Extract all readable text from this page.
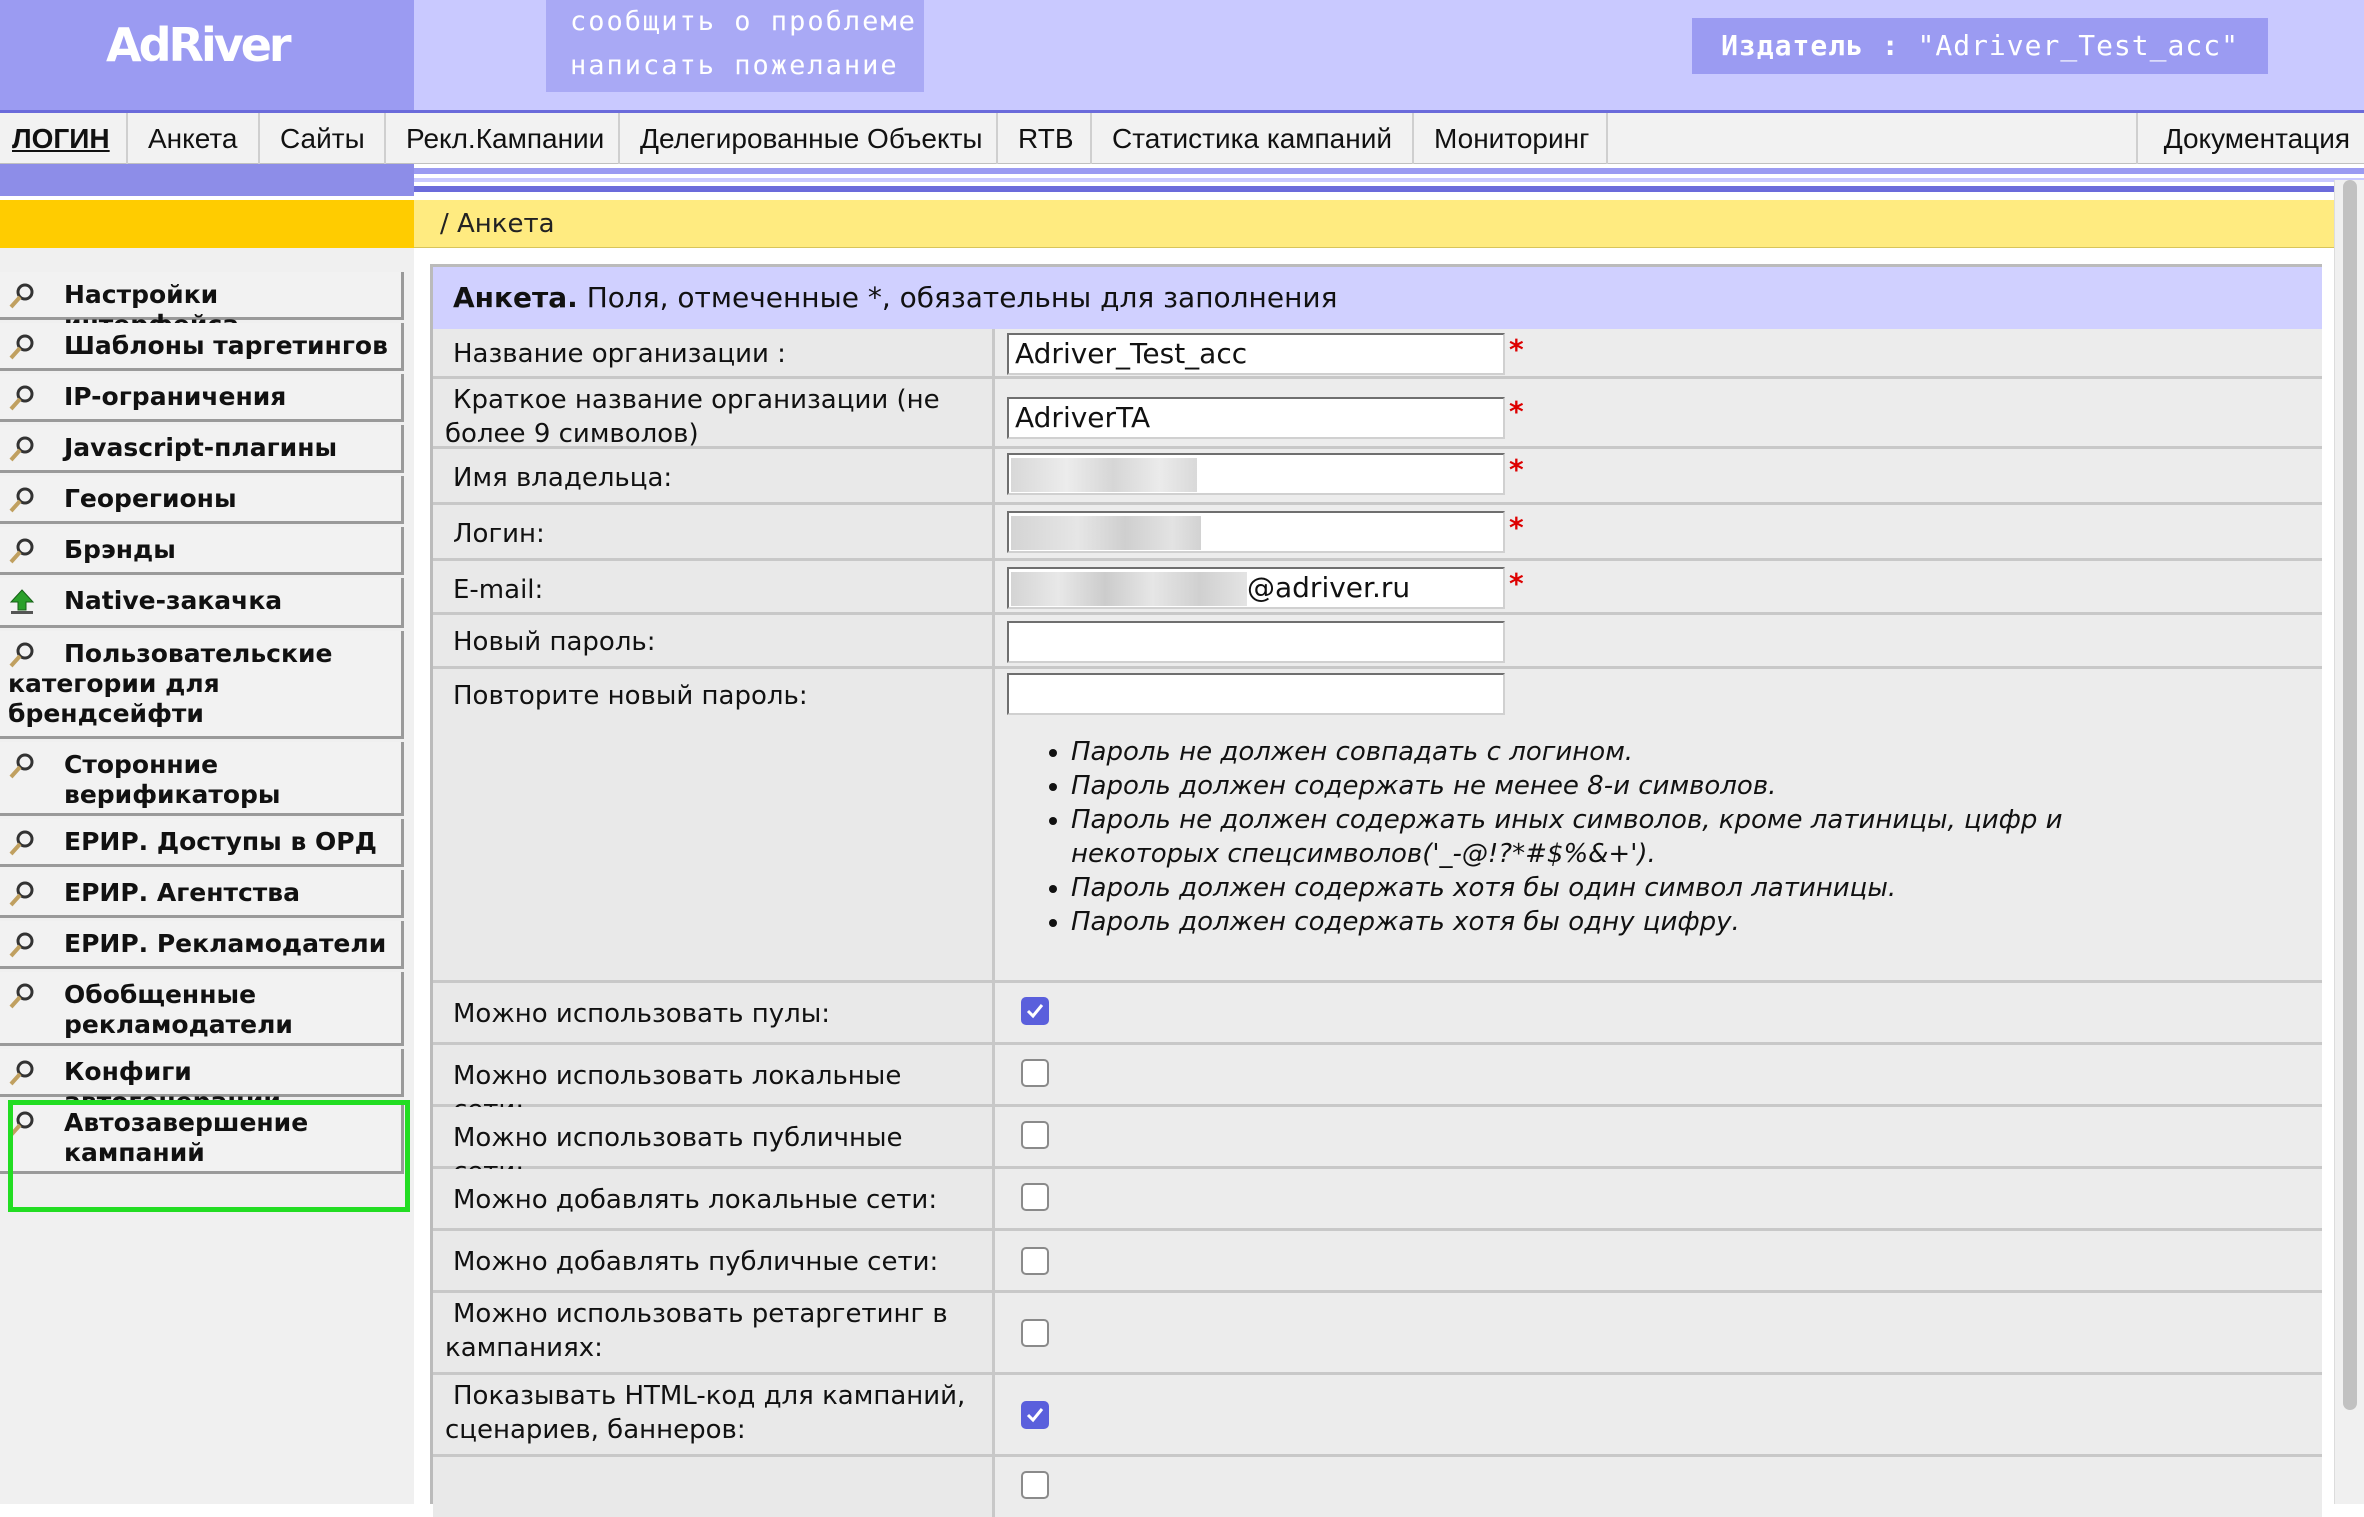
AdRiver	сообщить о проблеме
написать пожелание
Издатель : "Adriver_Test_acc"
ЛОГИН	Анкета	Сайты	Рекл.Кампании	Делегированные Объекты	RTB	Статистика кампаний	Мониторинг	Документация
/ Анкета
Настройки
Шаблоны таргетингов
IP-ограничения
Javascript-плагины
Георегионы
Брэнды
Native-закачка
Пользовательские категории для брендсейфти
Сторонние верификаторы
ЕРИР. Доступы в ОРД
ЕРИР. Агентства
ЕРИР. Рекламодатели
Обобщенные рекламодатели
Конфиги
Автозавершение кампаний
Анкета. Поля, отмеченные *, обязательны для заполнения
Название организации :	Adriver_Test_acc	*
Краткое название организации (не более 9 символов)	AdriverTA	*
Имя владельца:	*
Логин:	*
E-mail:	@adriver.ru	*
Новый пароль:
Повторите новый пароль:
• Пароль не должен совпадать с логином.
• Пароль должен содержать не менее 8-и символов.
• Пароль не должен содержать иных символов, кроме латиницы, цифр и некоторых спецсимволов('_-@!?*#$%&+').
• Пароль должен содержать хотя бы один символ латиницы.
• Пароль должен содержать хотя бы одну цифру.
Можно использовать пулы:
Можно использовать локальные
Можно использовать публичные
Можно добавлять локальные сети:
Можно добавлять публичные сети:
Можно использовать ретаргетинг в кампаниях:
Показывать HTML-код для кампаний, сценариев, баннеров:
